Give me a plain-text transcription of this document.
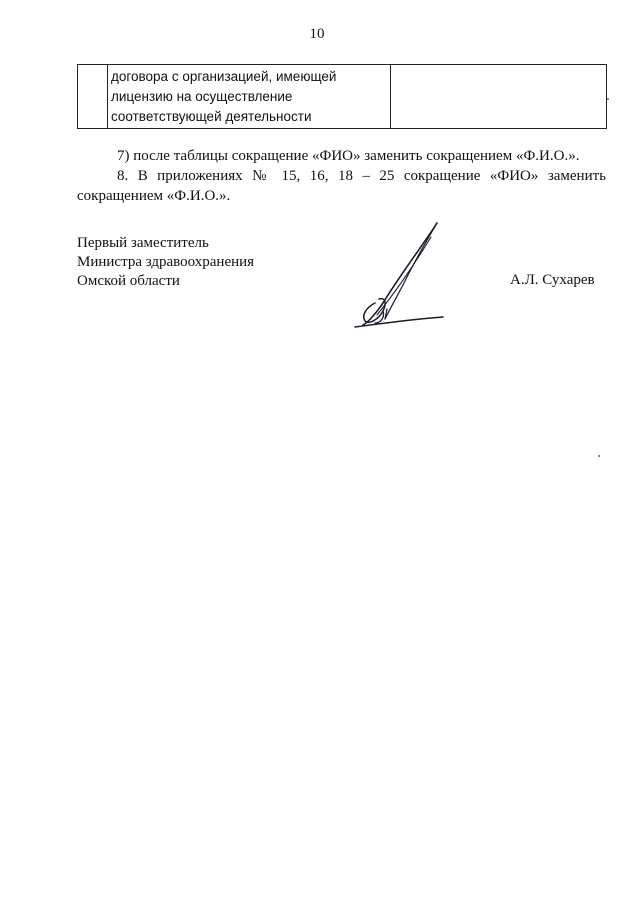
10
договора с организацией, имеющей
лицензию на осуществление
соответствующей деятельности
7) после таблицы сокращение «ФИО» заменить сокращением «Ф.И.О.».
8. В приложениях № 15, 16, 18 – 25 сокращение «ФИО» заменить
сокращением «Ф.И.О.».
Первый заместитель
Министра здравоохранения
Омской области	А.Л. Сухарев
